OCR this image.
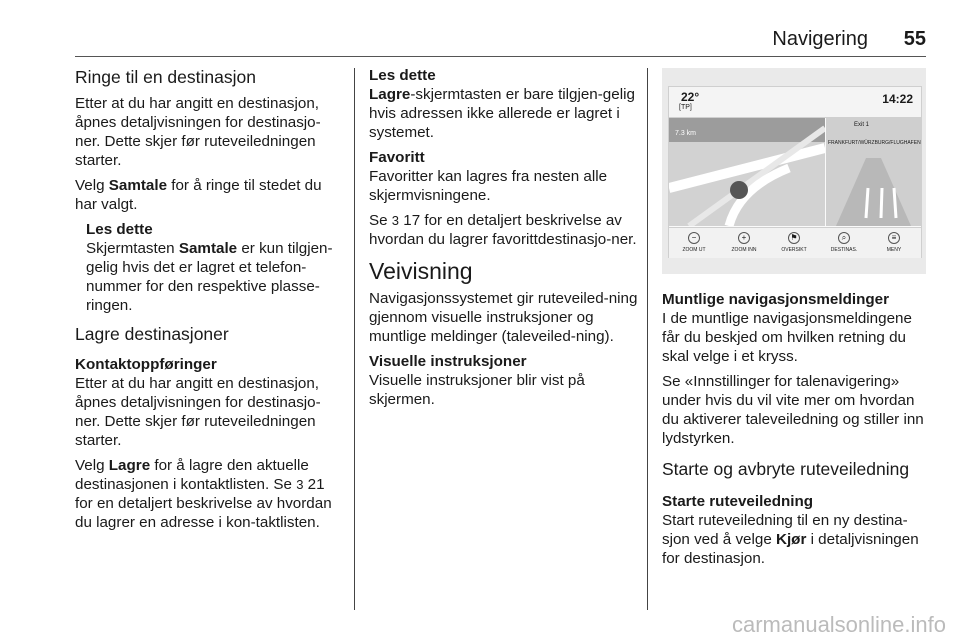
Navigering 55
Ringe til en destinasjon

Etter at du har angitt en destinasjon, åpnes detaljvisningen for destinasjo-ner. Dette skjer før ruteveiledningen starter.

Velg Samtale for å ringe til stedet du har valgt.

Les dette

Skjermtasten Samtale er kun tilgjen-gelig hvis det er lagret et telefon-nummer for den respektive plasse-ringen.

Lagre destinasjoner
Kontaktoppføringer

Etter at du har angitt en destinasjon, åpnes detaljvisningen for destinasjo-ner. Dette skjer før ruteveiledningen starter.

Velg Lagre for å lagre den aktuelle destinasjonen i kontaktlisten. Se 3 21 for en detaljert beskrivelse av hvordan du lagrer en adresse i kon-taktlisten.

Les dette

Lagre-skjermtasten er bare tilgjen-gelig hvis adressen ikke allerede er lagret i systemet.

Favoritt

Favoritter kan lagres fra nesten alle skjermvisningene.

Se 3 17 for en detaljert beskrivelse av hvordan du lagrer favorittdestinasjo-ner.

Veivisning

Navigasjonssystemet gir ruteveiled-ning gjennom visuelle instruksjoner og muntlige meldinger (taleveiled-ning).

Visuelle instruksjoner

Visuelle instruksjoner blir vist på skjermen.

22°
[TP]
14:22
7.3 km
Exit 1
FRANKFURT/WÜRZBURG/FLUGHAFEN
−
ZOOM UT
+
ZOOM INN
⚑
OVERSIKT
⌕
DESTINAS.
≡
MENY
Muntlige navigasjonsmeldinger

I de muntlige navigasjonsmeldingene får du beskjed om hvilken retning du skal velge i et kryss.

Se «Innstillinger for talenavigering» under hvis du vil vite mer om hvordan du aktiverer taleveiledning og stiller inn lydstyrken.

Starte og avbryte ruteveiledning
Starte ruteveiledning

Start ruteveiledning til en ny destina-sjon ved å velge Kjør i detaljvisningen for destinasjon.

carmanualsonline.info
